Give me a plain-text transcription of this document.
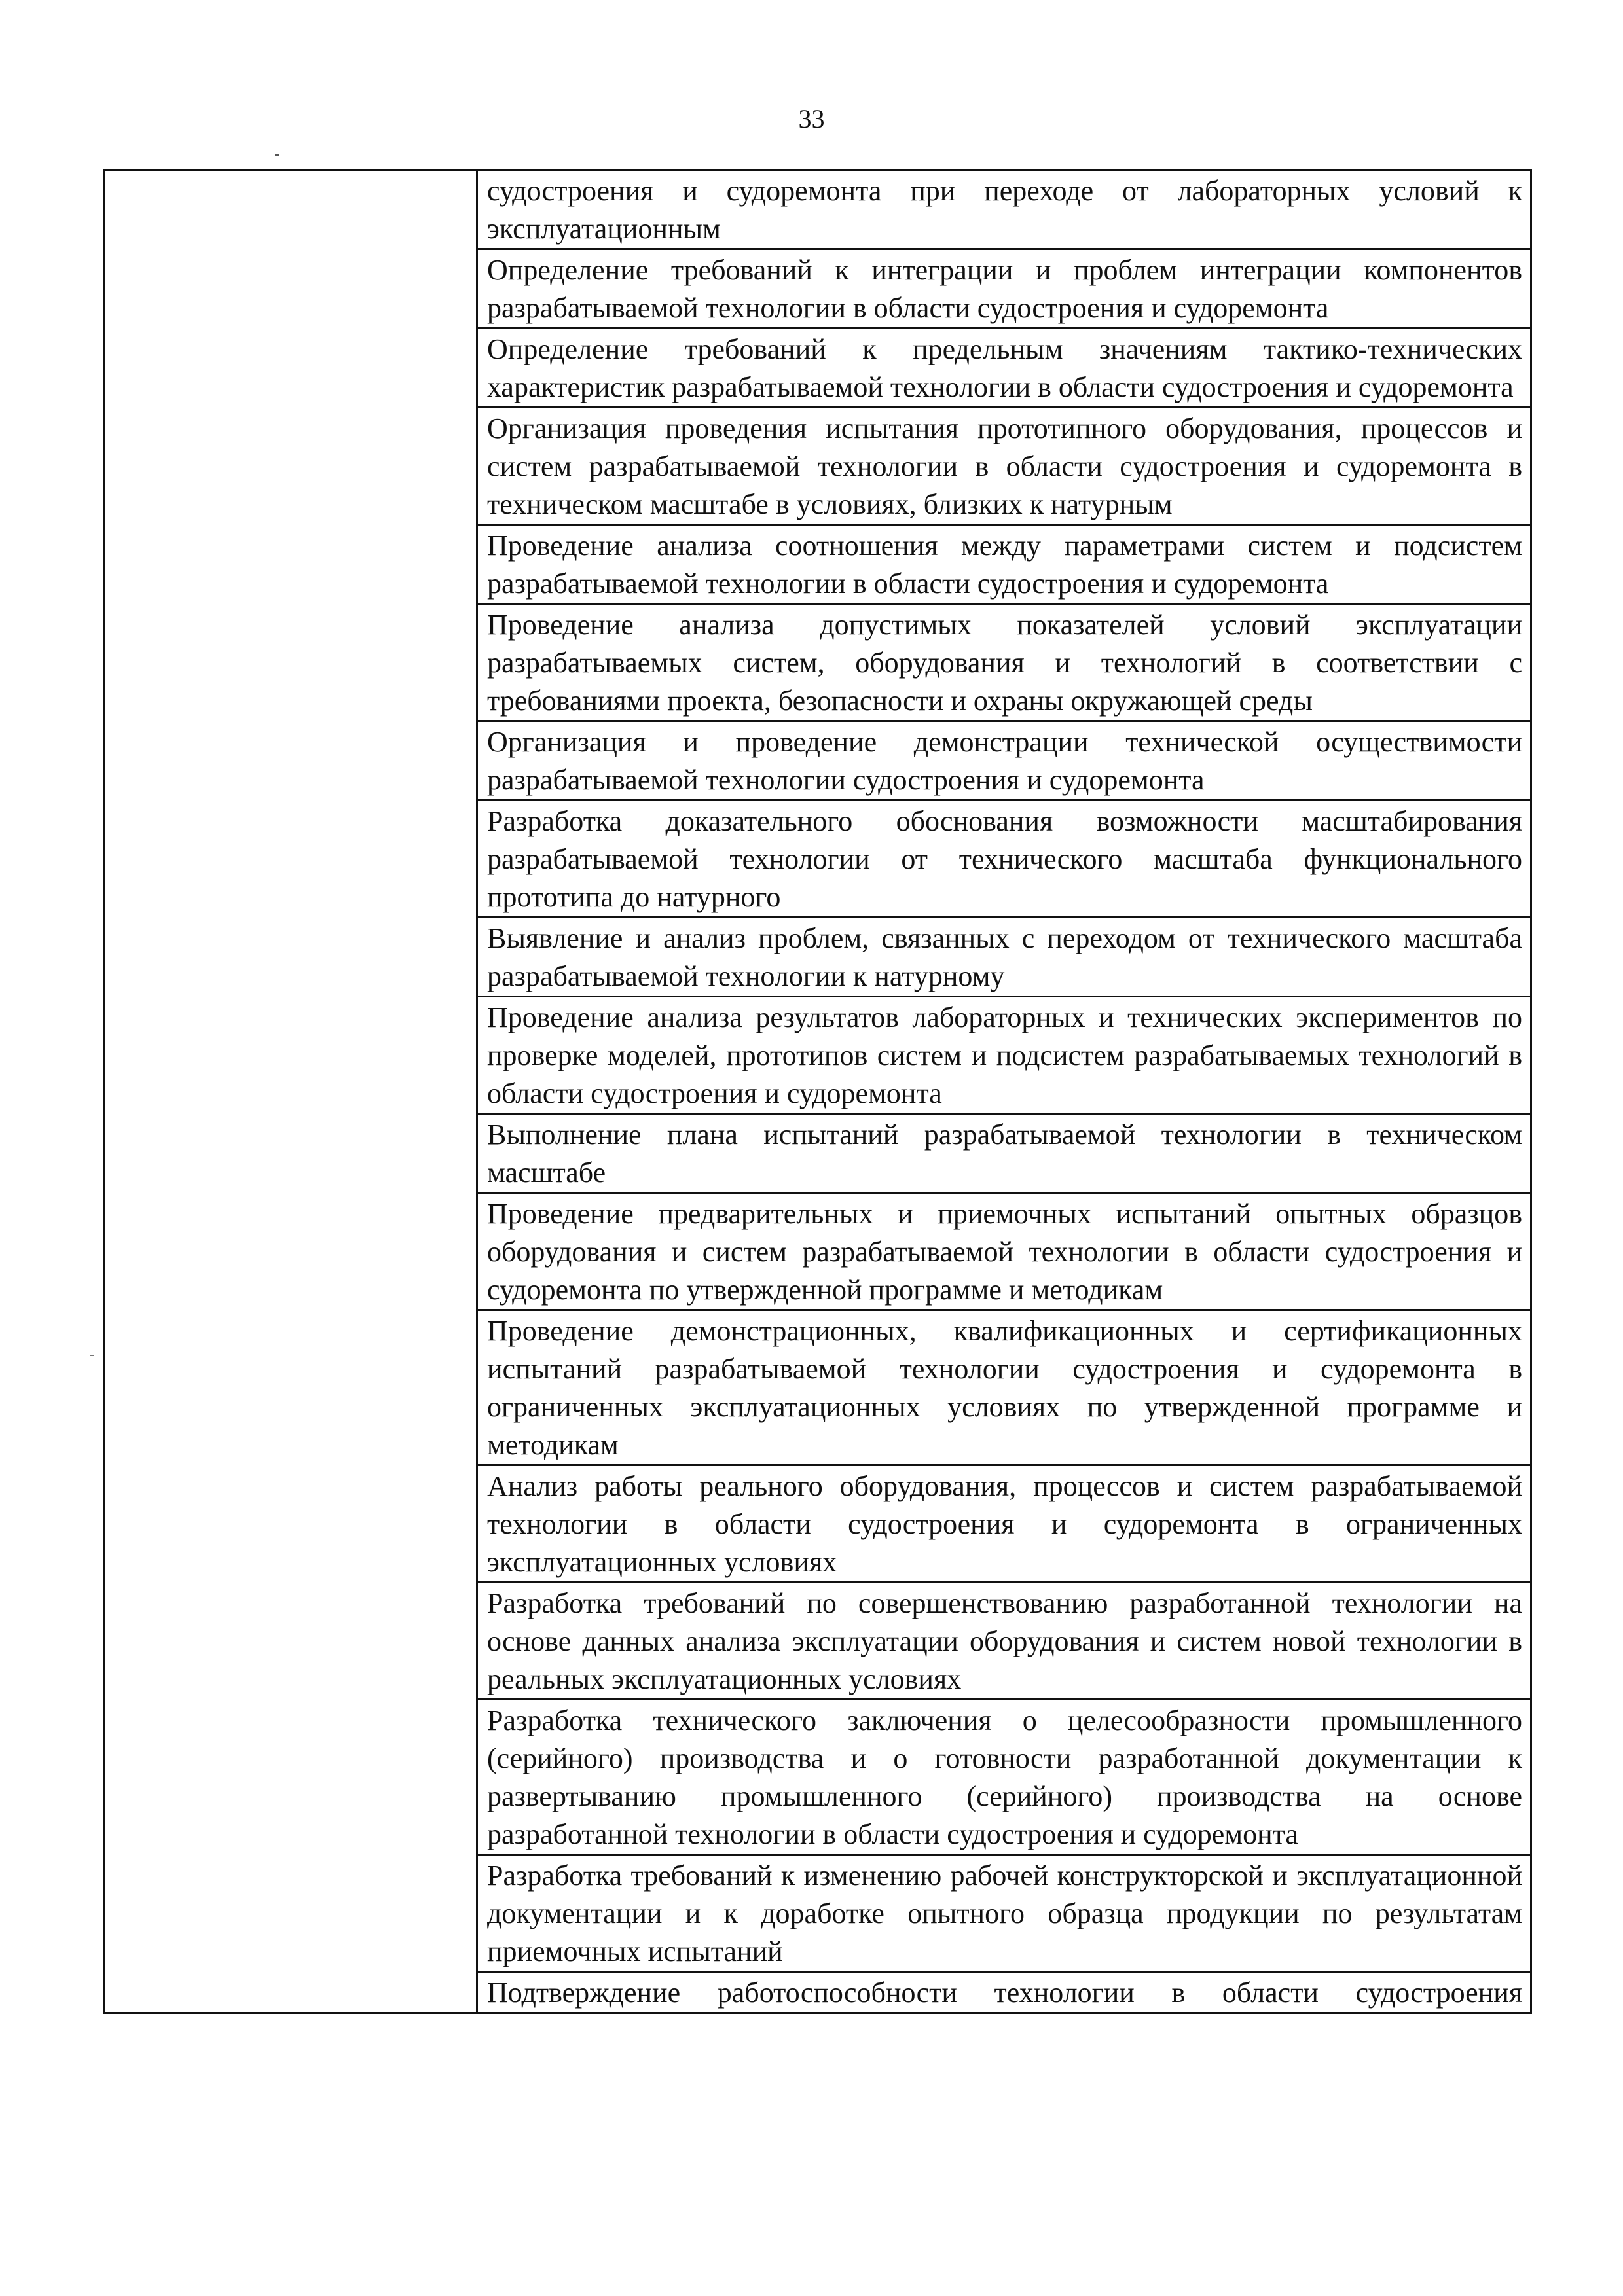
33
	судостроения и судоремонта при переходе от лабораторных условий к эксплуатационным
Определение требований к интеграции и проблем интеграции компонентов разрабатываемой технологии в области судостроения и судоремонта
Определение требований к предельным значениям тактико-технических характеристик разрабатываемой технологии в области судостроения и судоремонта
Организация проведения испытания прототипного оборудования, процессов и систем разрабатываемой технологии в области судостроения и судоремонта в техническом масштабе в условиях, близких к натурным
Проведение анализа соотношения между параметрами систем и подсистем разрабатываемой технологии в области судостроения и судоремонта
Проведение анализа допустимых показателей условий эксплуатации разрабатываемых систем, оборудования и технологий в соответствии с требованиями проекта, безопасности и охраны окружающей среды
Организация и проведение демонстрации технической осуществимости разрабатываемой технологии судостроения и судоремонта
Разработка доказательного обоснования возможности масштабирования разрабатываемой технологии от технического масштаба функционального прототипа до натурного
Выявление и анализ проблем, связанных с переходом от технического масштаба разрабатываемой технологии к натурному
Проведение анализа результатов лабораторных и технических экспериментов по проверке моделей, прототипов систем и подсистем разрабатываемых технологий в области судостроения и судоремонта
Выполнение плана испытаний разрабатываемой технологии в техническом масштабе
Проведение предварительных и приемочных испытаний опытных образцов оборудования и систем разрабатываемой технологии в области судостроения и судоремонта по утвержденной программе и методикам
Проведение демонстрационных, квалификационных и сертификационных испытаний разрабатываемой технологии судостроения и судоремонта в ограниченных эксплуатационных условиях по утвержденной программе и методикам
Анализ работы реального оборудования, процессов и систем разрабатываемой технологии в области судостроения и судоремонта в ограниченных эксплуатационных условиях
Разработка требований по совершенствованию разработанной технологии на основе данных анализа эксплуатации оборудования и систем новой технологии в реальных эксплуатационных условиях
Разработка технического заключения о целесообразности промышленного (серийного) производства и о готовности разработанной документации к развертыванию промышленного (серийного) производства на основе разработанной технологии в области судостроения и судоремонта
Разработка требований к изменению рабочей конструкторской и эксплуатационной документации и к доработке опытного образца продукции по результатам приемочных испытаний
Подтверждение работоспособности технологии в области судостроения
